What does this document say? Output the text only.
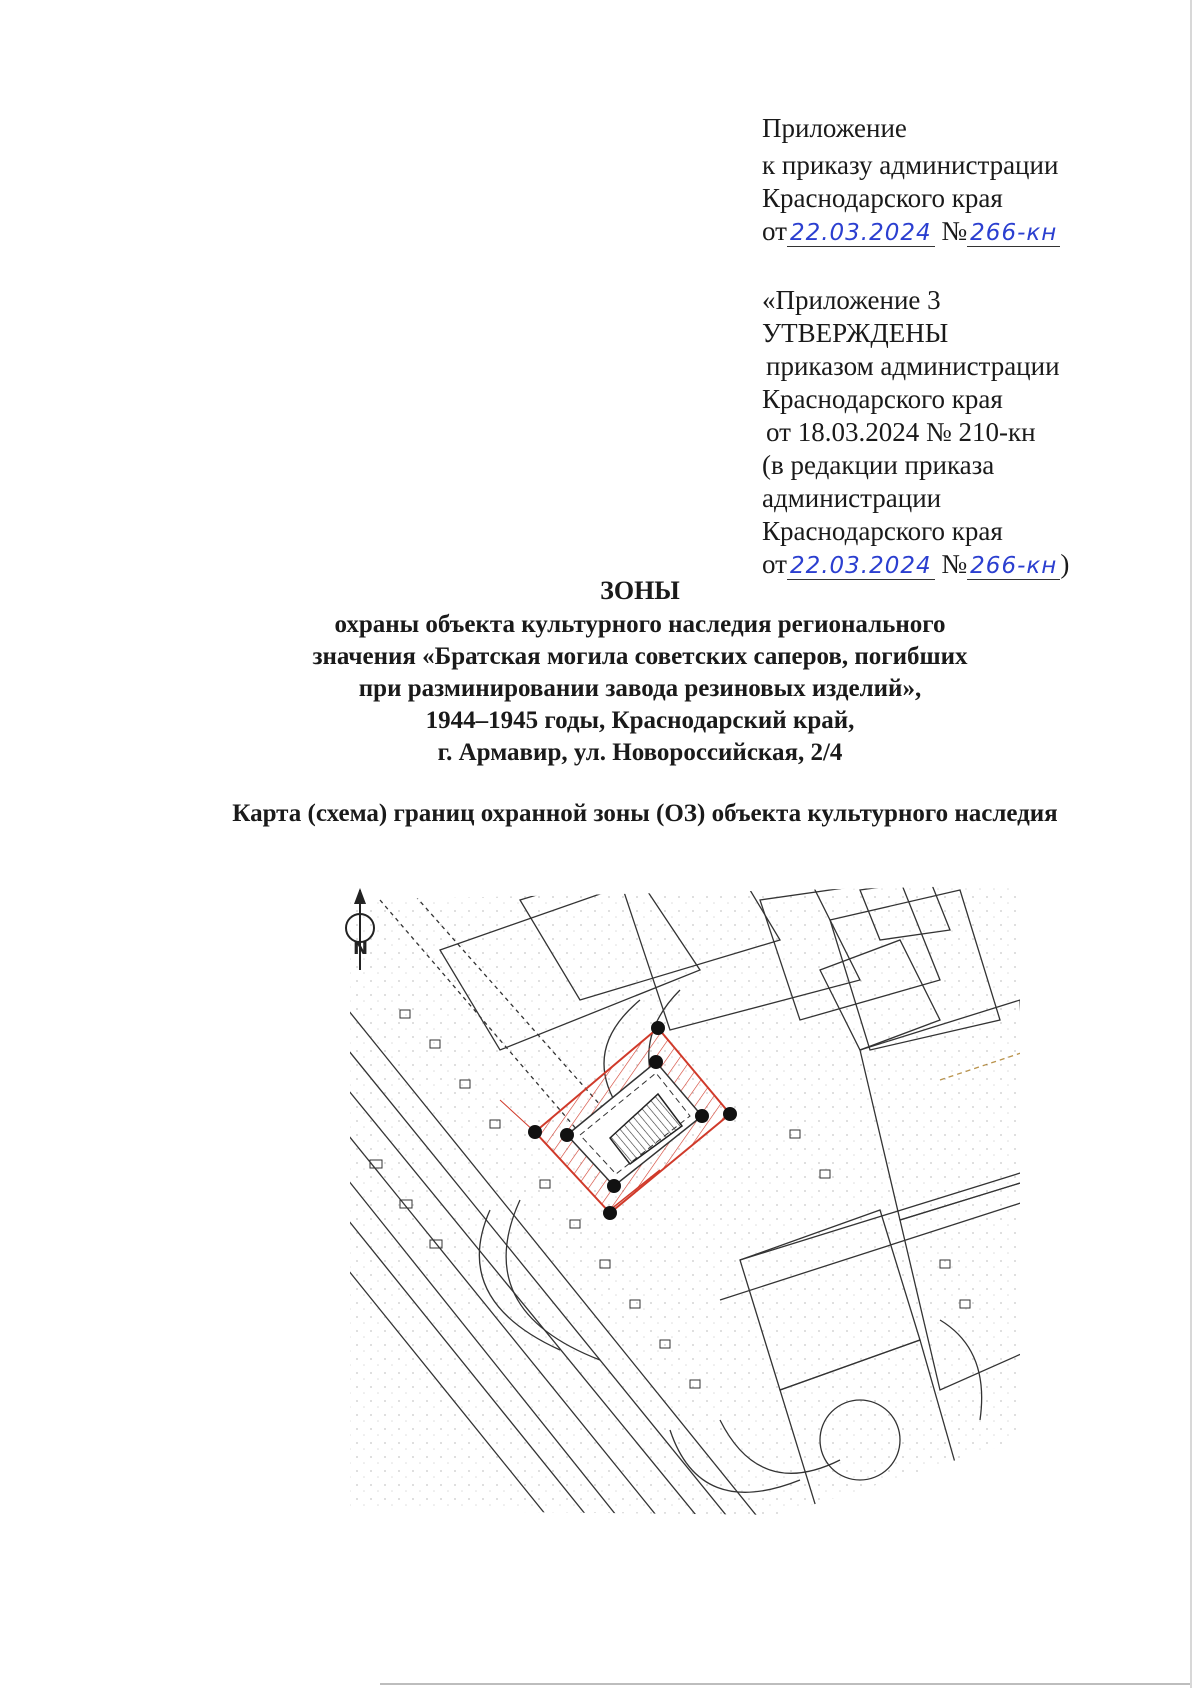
Приложение
к приказу администрации
Краснодарского края
от 22.03.2024 № 266-кн
«Приложение 3
УТВЕРЖДЕНЫ
приказом администрации
Краснодарского края
от 18.03.2024 № 210-кн
(в редакции приказа
администрации
Краснодарского края
от 22.03.2024 № 266-кн )
ЗОНЫ
охраны объекта культурного наследия регионального
значения «Братская могила советских саперов, погибших
при разминировании завода резиновых изделий»,
1944–1945 годы, Краснодарский край,
г. Армавир, ул. Новороссийская, 2/4
Карта (схема) границ охранной зоны (ОЗ) объекта культурного наследия
N
